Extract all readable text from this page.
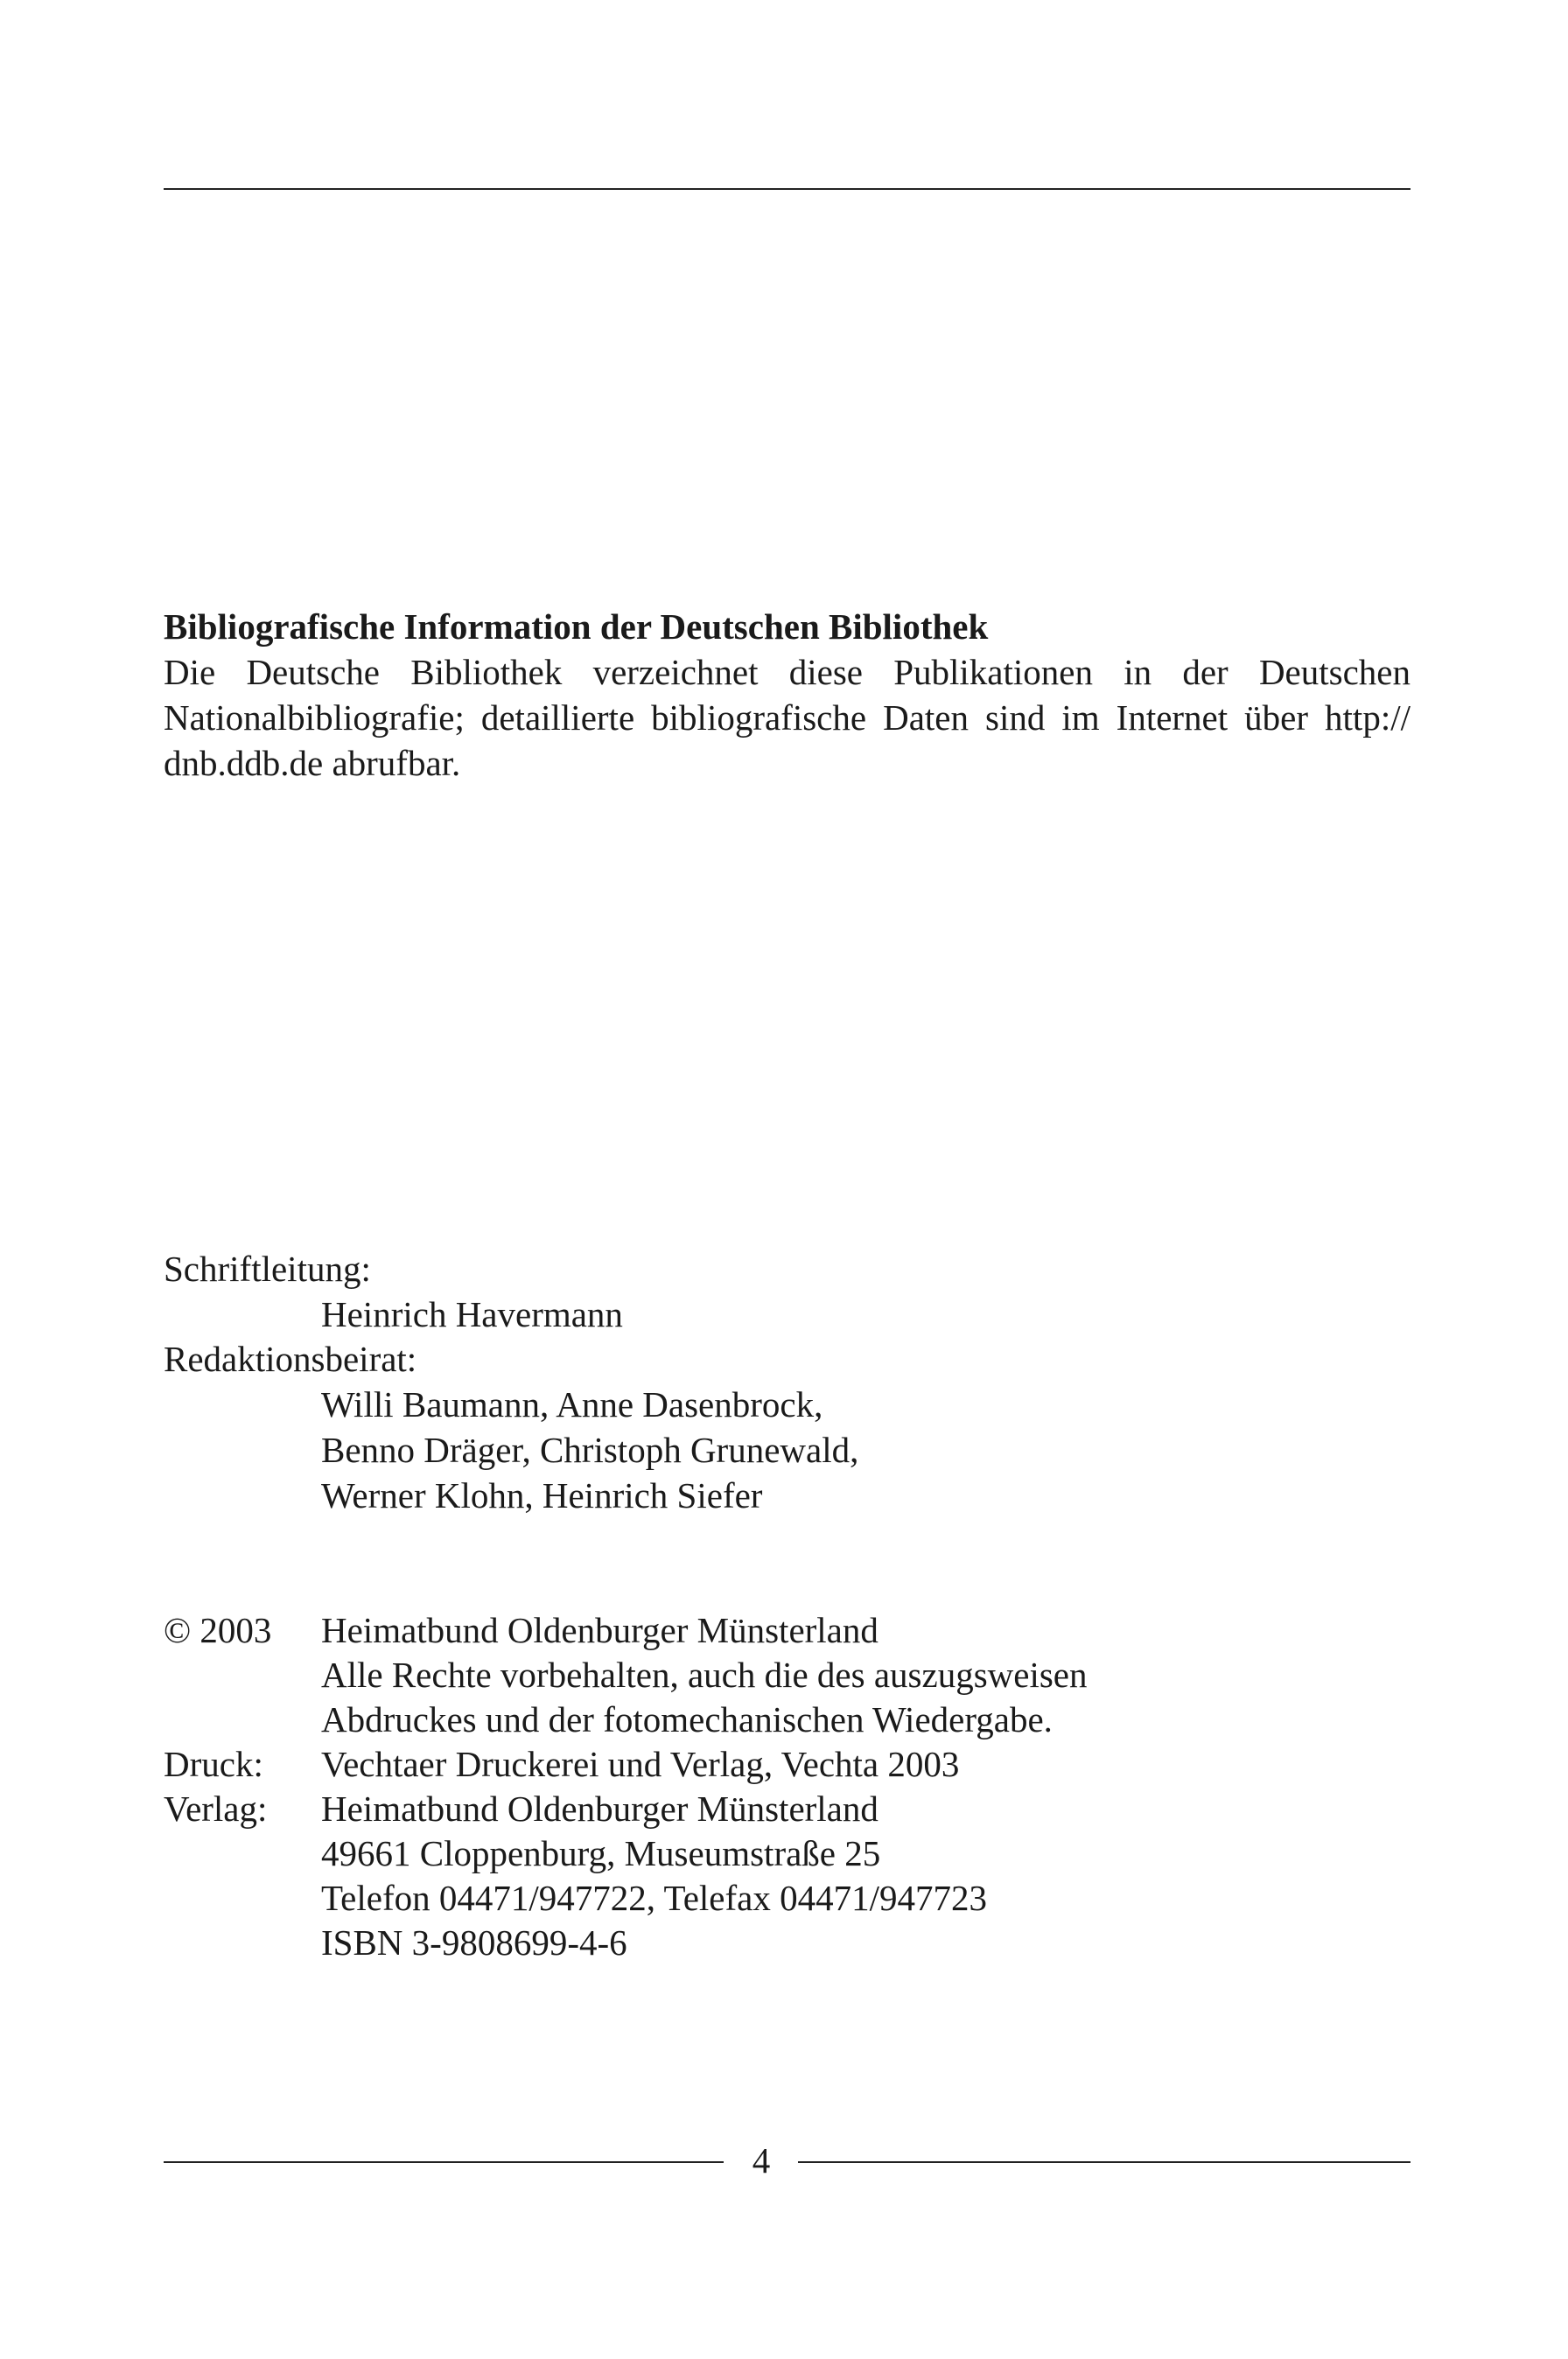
Bibliografische Information der Deutschen Bibliothek
Die Deutsche Bibliothek verzeichnet diese Publikationen in der Deutschen Nationalbibliografie; detaillierte bibliografische Daten sind im Internet über http:// dnb.ddb.de abrufbar.
Schriftleitung:
Heinrich Havermann
Redaktionsbeirat:
Willi Baumann, Anne Dasenbrock,
Benno Dräger, Christoph Grunewald,
Werner Klohn, Heinrich Siefer
© 2003	Heimatbund Oldenburger Münsterland
Alle Rechte vorbehalten, auch die des auszugsweisen
Abdruckes und der fotomechanischen Wiedergabe.
Druck:	Vechtaer Druckerei und Verlag, Vechta 2003
Verlag:	Heimatbund Oldenburger Münsterland
49661 Cloppenburg, Museumstraße 25
Telefon 04471/947722, Telefax 04471/947723
ISBN 3-9808699-4-6
4
